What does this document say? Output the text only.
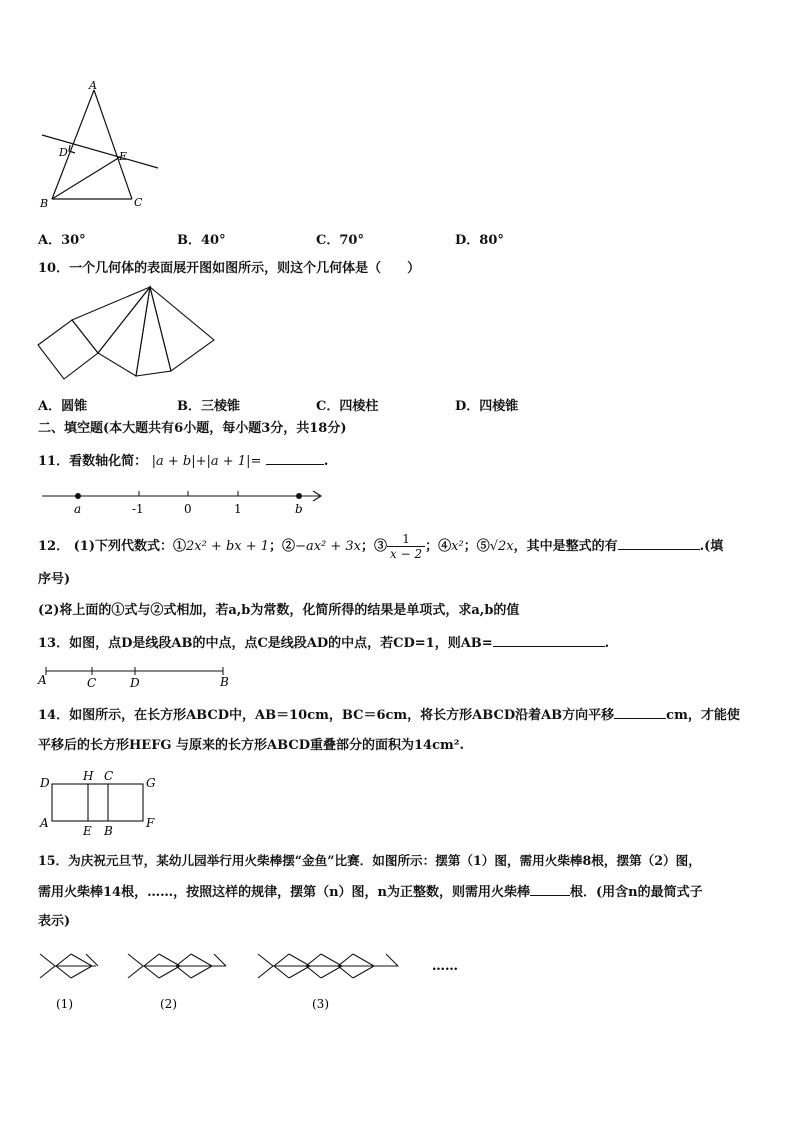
A
D	E
B	C
A．30°	B．40°	C．70°	D．80°
10．一个几何体的表面展开图如图所示，则这个几何体是（　　）
A．圆锥	B．三棱锥	C．四棱柱	D．四棱锥
二、填空题(本大题共有6小题，每小题3分，共18分)
11．看数轴化简： |a + b|+|a + 1|=	.
a	-1	0	1	b
12． (1)下列代数式：①2x² + bx + 1；②−ax² + 3x；③ $\frac{1}{x - 2}$ ；④x²；⑤√2x，其中是整式的有	.(填
序号)
(2)将上面的①式与②式相加，若a,b为常数，化简所得的结果是单项式，求a,b的值
13．如图，点D是线段AB的中点，点C是线段AD的中点，若CD=1，则AB=	.
A	C	D	B
14．如图所示，在长方形ABCD中，AB＝10cm，BC＝6cm，将长方形ABCD沿着AB方向平移	cm，才能使
平移后的长方形HEFG 与原来的长方形ABCD重叠部分的面积为14cm².
D	H C	G
A
E B
F
15．为庆祝元旦节，某幼儿园举行用火柴棒摆“金鱼”比赛．如图所示：摆第（1）图，需用火柴棒8根，摆第（2）图，
需用火柴棒14根，……，按照这样的规律，摆第（n）图，n为正整数，则需用火柴棒	根．(用含n的最简式子
表示)
(1)	(2)	(3)
……
